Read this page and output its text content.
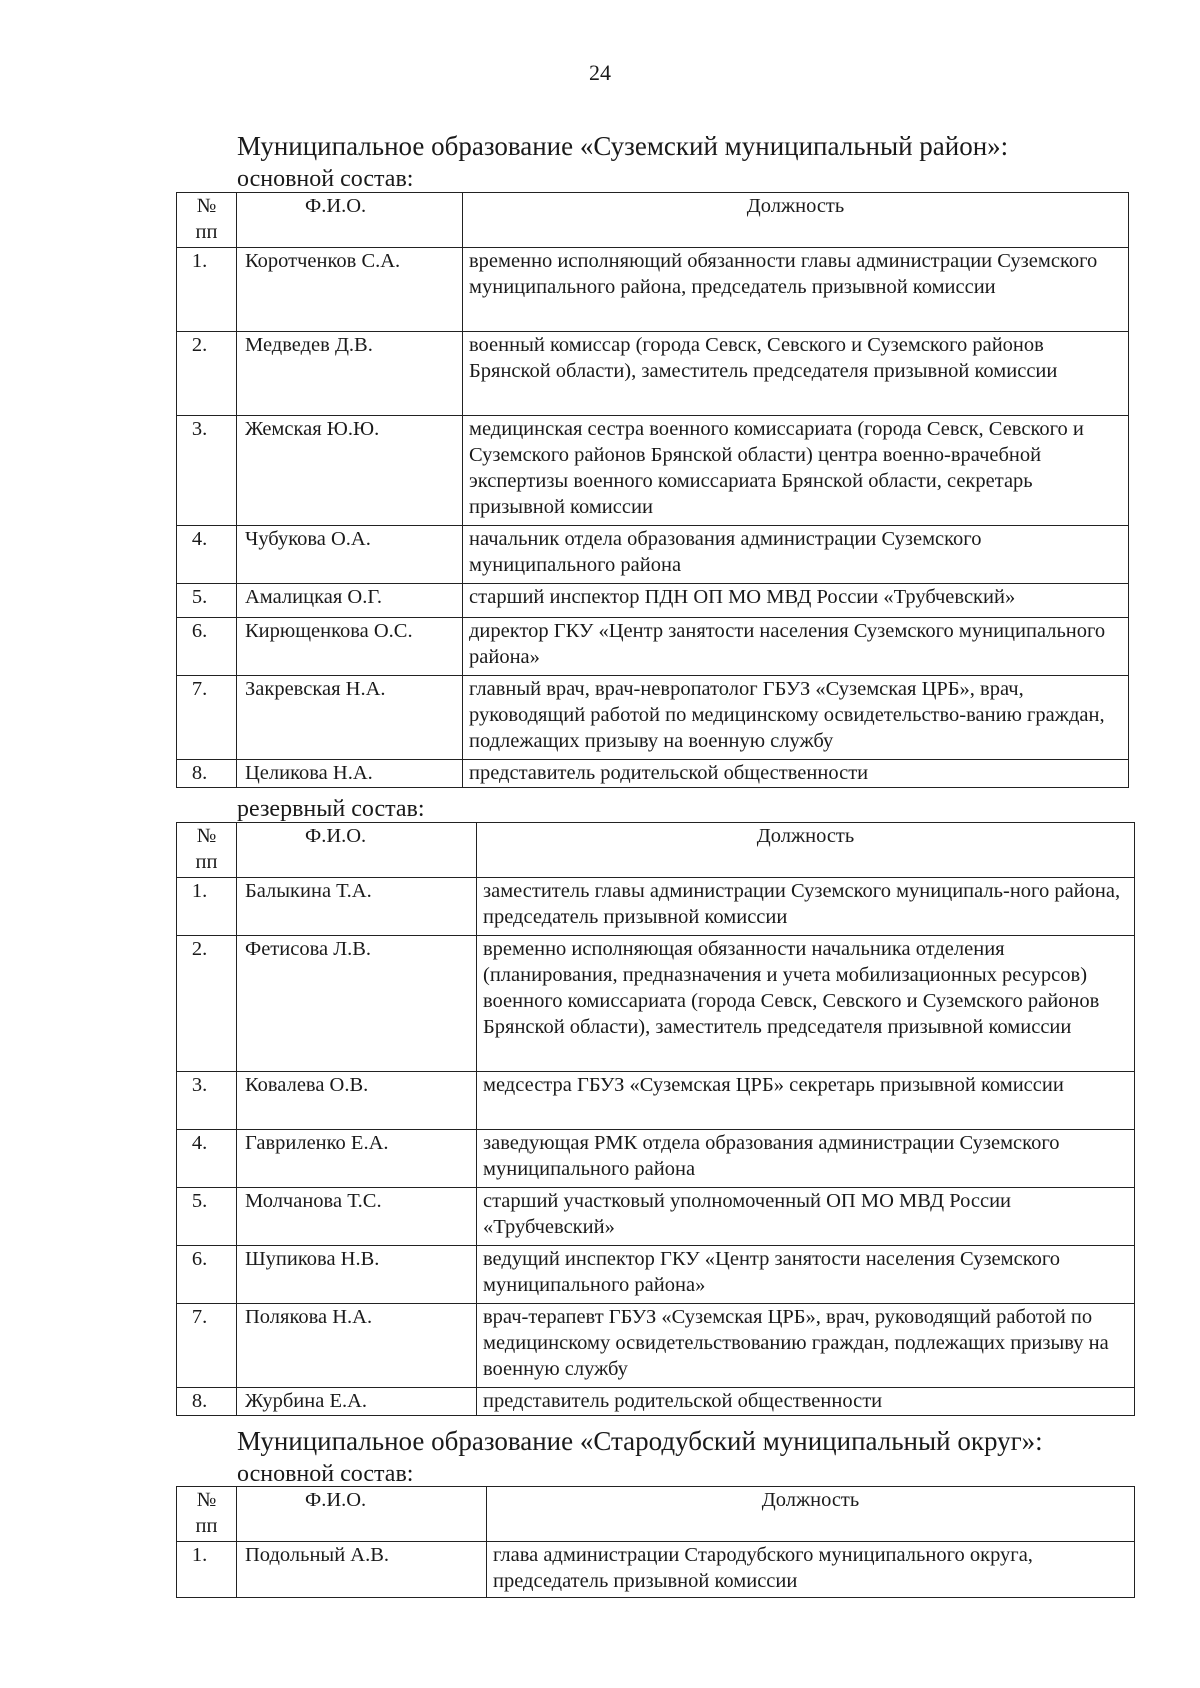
24
Муниципальное образование «Суземский муниципальный район»:
основной состав:
№
пп	Ф.И.О.	Должность
1.	Коротченков С.А.	временно исполняющий обязанности главы администрации Суземского муниципального района, председатель призывной комиссии
2.	Медведев Д.В.	военный комиссар (города Севск, Севского и Суземского районов Брянской области), заместитель председателя призывной комиссии
3.	Жемская Ю.Ю.	медицинская сестра военного комиссариата (города Севск, Севского и Суземского районов Брянской области) центра военно-врачебной экспертизы военного комиссариата Брянской области, секретарь призывной комиссии
4.	Чубукова О.А.	начальник отдела образования администрации Суземского муниципального района
5.	Амалицкая О.Г.	старший инспектор ПДН ОП МО МВД России «Трубчевский»
6.	Кирющенкова О.С.	директор ГКУ «Центр занятости населения Суземского муниципального района»
7.	Закревская Н.А.	главный врач, врач-невропатолог ГБУЗ «Суземская ЦРБ», врач, руководящий работой по медицинскому освидетельство-ванию граждан, подлежащих призыву на военную службу
8.	Целикова Н.А.	представитель родительской общественности
резервный состав:
№
пп	Ф.И.О.	Должность
1.	Балыкина Т.А.	заместитель главы администрации Суземского муниципаль-ного района, председатель призывной комиссии
2.	Фетисова Л.В.	временно исполняющая обязанности начальника отделения (планирования, предназначения и учета мобилизационных ресурсов) военного комиссариата (города Севск, Севского и Суземского районов Брянской области), заместитель председателя призывной комиссии
3.	Ковалева О.В.	медсестра ГБУЗ «Суземская ЦРБ» секретарь призывной комиссии
4.	Гавриленко Е.А.	заведующая РМК отдела образования администрации Суземского муниципального района
5.	Молчанова Т.С.	старший участковый уполномоченный ОП МО МВД России «Трубчевский»
6.	Шупикова Н.В.	ведущий инспектор ГКУ «Центр занятости населения Суземского муниципального района»
7.	Полякова Н.А.	врач-терапевт ГБУЗ «Суземская ЦРБ», врач, руководящий работой по медицинскому освидетельствованию граждан, подлежащих призыву на военную службу
8.	Журбина Е.А.	представитель родительской общественности
Муниципальное образование «Стародубский муниципальный округ»:
основной состав:
№
пп	Ф.И.О.	Должность
1.	Подольный А.В.	глава администрации Стародубского муниципального округа, председатель призывной комиссии
